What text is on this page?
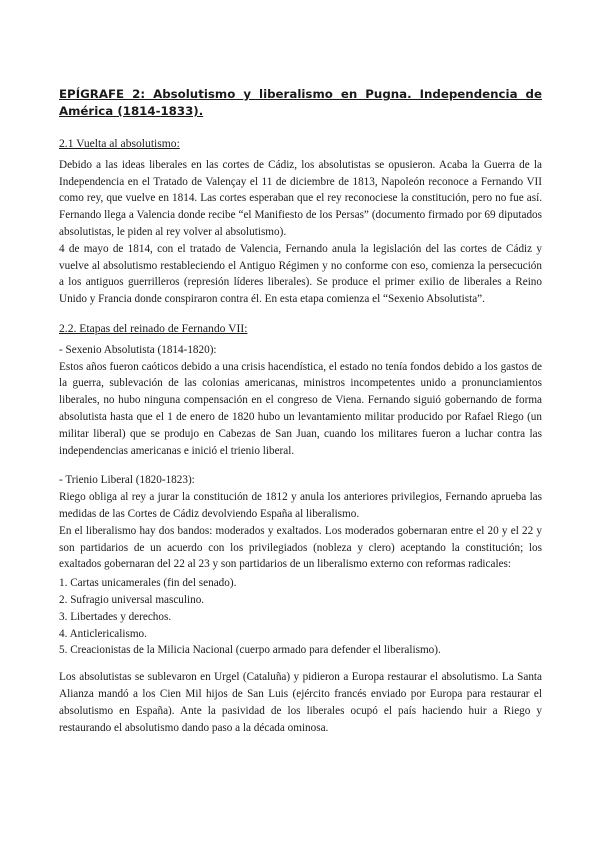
EPÍGRAFE 2: Absolutismo y liberalismo en Pugna. Independencia de América (1814-1833).
2.1 Vuelta al absolutismo:

Debido a las ideas liberales en las cortes de Cádiz, los absolutistas se opusieron. Acaba la Guerra de la Independencia en el Tratado de Valençay el 11 de diciembre de 1813, Napoleón reconoce a Fernando VII como rey, que vuelve en 1814. Las cortes esperaban que el rey reconociese la constitución, pero no fue así. Fernando llega a Valencia donde recibe “el Manifiesto de los Persas” (documento firmado por 69 diputados absolutistas, le piden al rey volver al absolutismo).

4 de mayo de 1814, con el tratado de Valencia, Fernando anula la legislación del las cortes de Cádiz y vuelve al absolutismo restableciendo el Antiguo Régimen y no conforme con eso, comienza la persecución a los antiguos guerrilleros (represión líderes liberales). Se produce el primer exilio de liberales a Reino Unido y Francia donde conspiraron contra él. En esta etapa comienza el “Sexenio Absolutista”.

2.2. Etapas del reinado de Fernando VII:
- Sexenio Absolutista (1814-1820):

Estos años fueron caóticos debido a una crisis hacendística, el estado no tenía fondos debido a los gastos de la guerra, sublevación de las colonias americanas, ministros incompetentes unido a pronunciamientos liberales, no hubo ninguna compensación en el congreso de Viena. Fernando siguió gobernando de forma absolutista hasta que el 1 de enero de 1820 hubo un levantamiento militar producido por Rafael Riego (un militar liberal) que se produjo en Cabezas de San Juan, cuando los militares fueron a luchar contra las independencias americanas e inició el trienio liberal.

- Trienio Liberal (1820-1823):

Riego obliga al rey a jurar la constitución de 1812 y anula los anteriores privilegios, Fernando aprueba las medidas de las Cortes de Cádiz devolviendo España al liberalismo.

En el liberalismo hay dos bandos: moderados y exaltados. Los moderados gobernaran entre el 20 y el 22 y son partidarios de un acuerdo con los privilegiados (nobleza y clero) aceptando la constitución; los exaltados gobernaran del 22 al 23 y son partidarios de un liberalismo externo con reformas radicales:

1. Cartas unicamerales (fin del senado).
2. Sufragio universal masculino.
3. Libertades y derechos.
4. Anticlericalismo.
5. Creacionistas de la Milicia Nacional (cuerpo armado para defender el liberalismo).

Los absolutistas se sublevaron en Urgel (Cataluña) y pidieron a Europa restaurar el absolutismo. La Santa Alianza mandó a los Cien Mil hijos de San Luis (ejército francés enviado por Europa para restaurar el absolutismo en España). Ante la pasividad de los liberales ocupó el país haciendo huir a Riego y restaurando el absolutismo dando paso a la década ominosa.
